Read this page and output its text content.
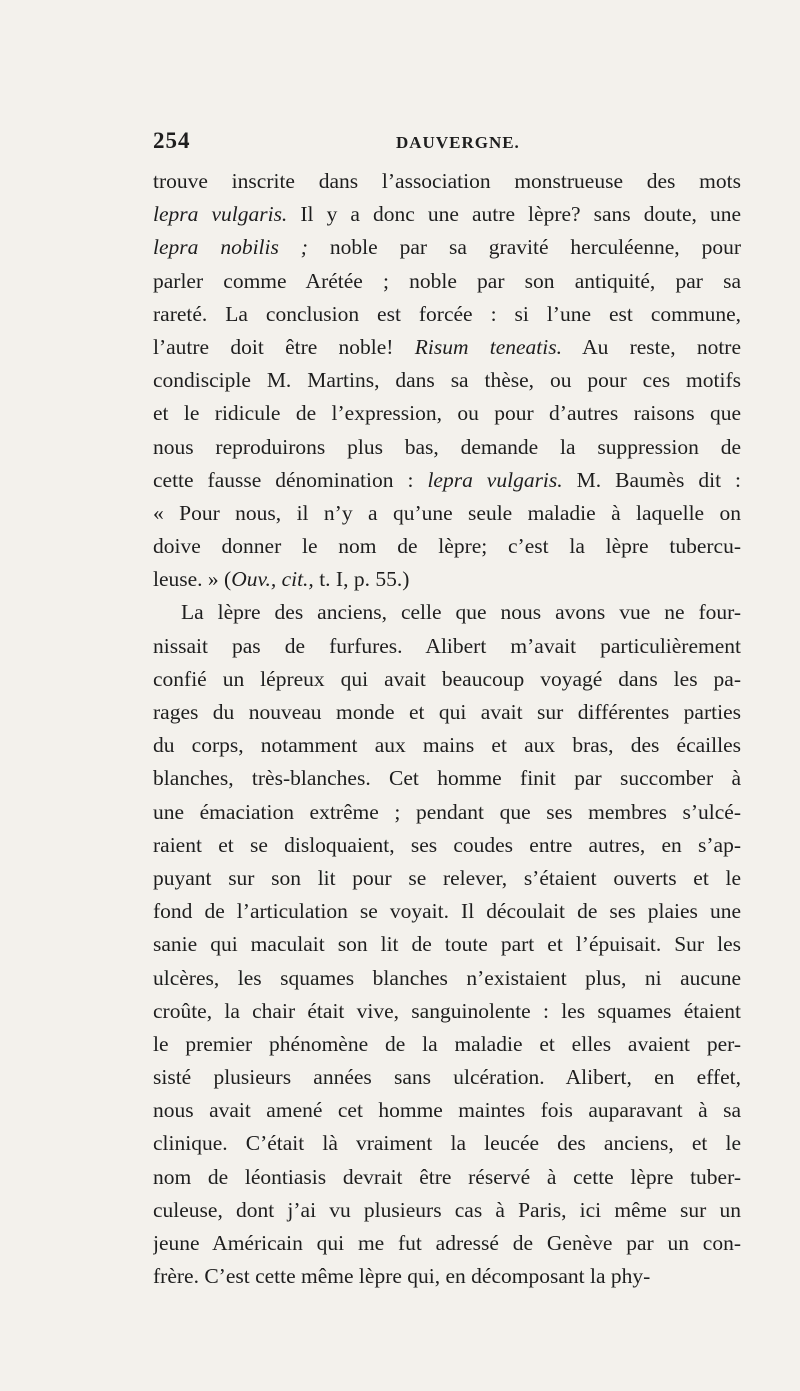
254	DAUVERGNE.
trouve inscrite dans l’association monstrueuse des mots
lepra vulgaris. Il y a donc une autre lèpre? sans doute, une
lepra nobilis ; noble par sa gravité herculéenne, pour
parler comme Arétée ; noble par son antiquité, par sa
rareté. La conclusion est forcée : si l’une est commune,
l’autre doit être noble! Risum teneatis. Au reste, notre
condisciple M. Martins, dans sa thèse, ou pour ces motifs
et le ridicule de l’expression, ou pour d’autres raisons que
nous reproduirons plus bas, demande la suppression de
cette fausse dénomination : lepra vulgaris. M. Baumès dit :
« Pour nous, il n’y a qu’une seule maladie à laquelle on
doive donner le nom de lèpre; c’est la lèpre tubercu-
leuse. » (Ouv., cit., t. I, p. 55.)
La lèpre des anciens, celle que nous avons vue ne four-
nissait pas de furfures. Alibert m’avait particulièrement
confié un lépreux qui avait beaucoup voyagé dans les pa-
rages du nouveau monde et qui avait sur différentes parties
du corps, notamment aux mains et aux bras, des écailles
blanches, très-blanches. Cet homme finit par succomber à
une émaciation extrême ; pendant que ses membres s’ulcé-
raient et se disloquaient, ses coudes entre autres, en s’ap-
puyant sur son lit pour se relever, s’étaient ouverts et le
fond de l’articulation se voyait. Il découlait de ses plaies une
sanie qui maculait son lit de toute part et l’épuisait. Sur les
ulcères, les squames blanches n’existaient plus, ni aucune
croûte, la chair était vive, sanguinolente : les squames étaient
le premier phénomène de la maladie et elles avaient per-
sisté plusieurs années sans ulcération. Alibert, en effet,
nous avait amené cet homme maintes fois auparavant à sa
clinique. C’était là vraiment la leucée des anciens, et le
nom de léontiasis devrait être réservé à cette lèpre tuber-
culeuse, dont j’ai vu plusieurs cas à Paris, ici même sur un
jeune Américain qui me fut adressé de Genève par un con-
frère. C’est cette même lèpre qui, en décomposant la phy-
